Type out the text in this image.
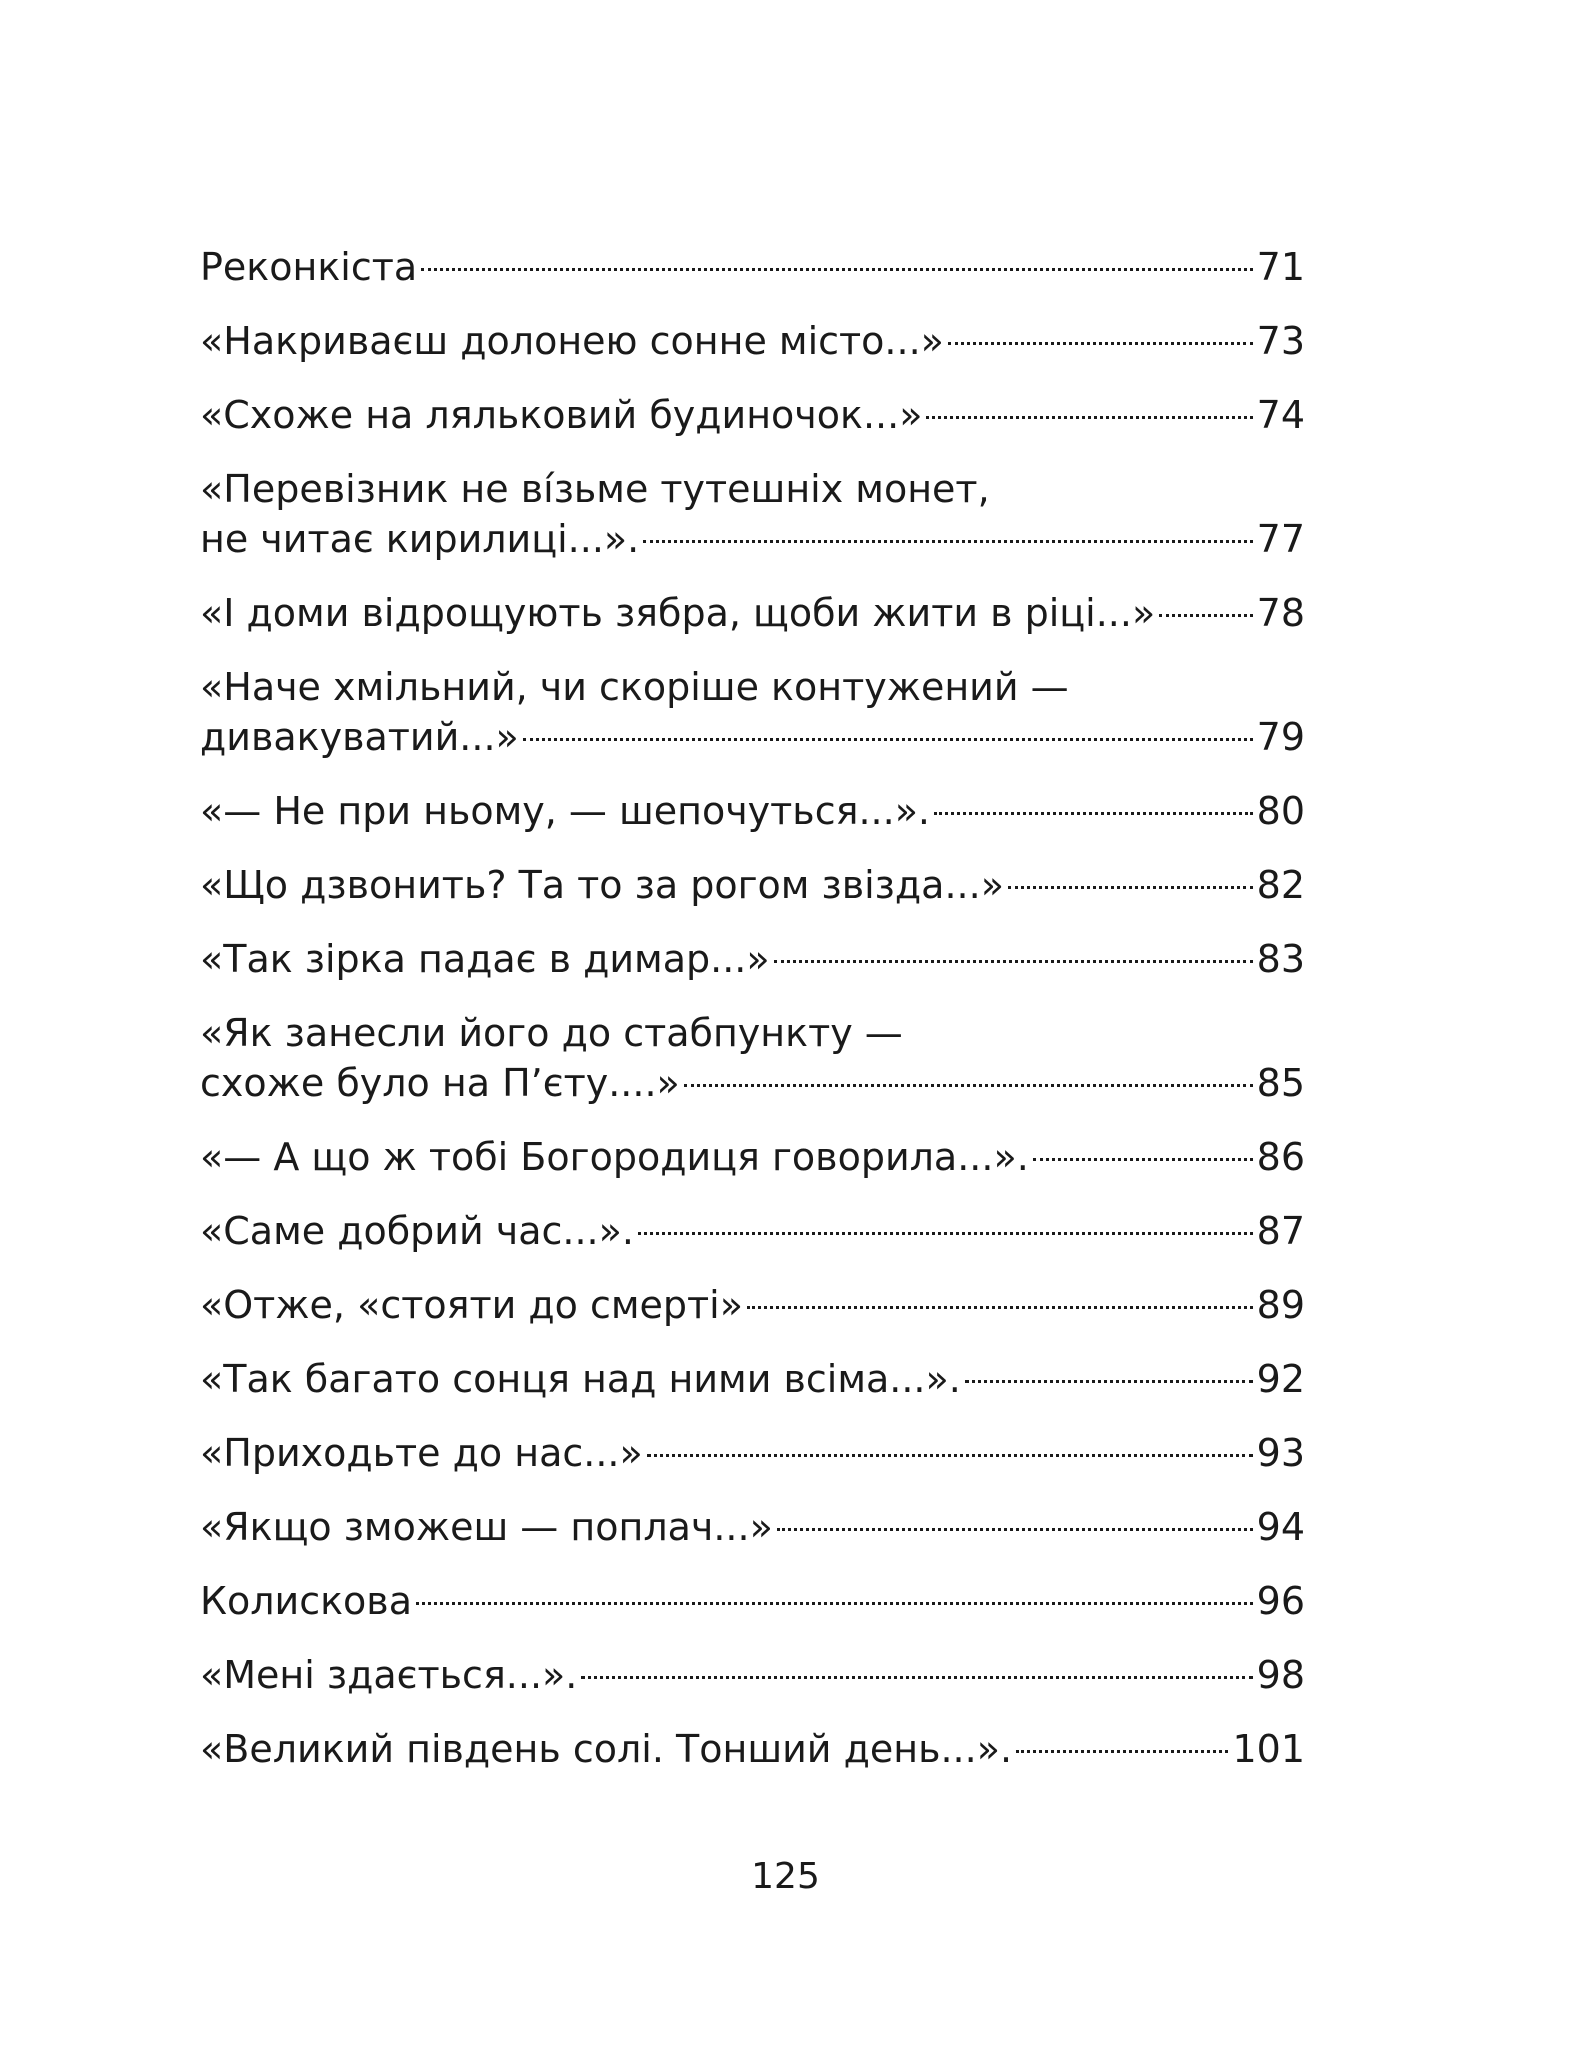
Реконкіста	71
«Накриваєш долонею сонне місто...»	73
«Схоже на ляльковий будиночок...»	74
«Перевізник не ві́зьме тутешніх монет,
не читає кирилиці...».	77
«І доми відрощують зябра, щоби жити в ріці...»	78
«Наче хмільний, чи скоріше контужений —
дивакуватий...»	79
«— Не при ньому, — шепочуться...».	80
«Що дзвонить? Та то за рогом звізда...»	82
«Так зірка падає в димар...»	83
«Як занесли його до стабпункту —
схоже було на П’єту....»	85
«— А що ж тобі Богородиця говорила...».	86
«Саме добрий час...».	87
«Отже, «стояти до смерті»	89
«Так багато сонця над ними всіма...».	92
«Приходьте до нас...»	93
«Якщо зможеш — поплач...»	94
Колискова	96
«Мені здається...».	98
«Великий південь солі. Тонший день...».	101
125
